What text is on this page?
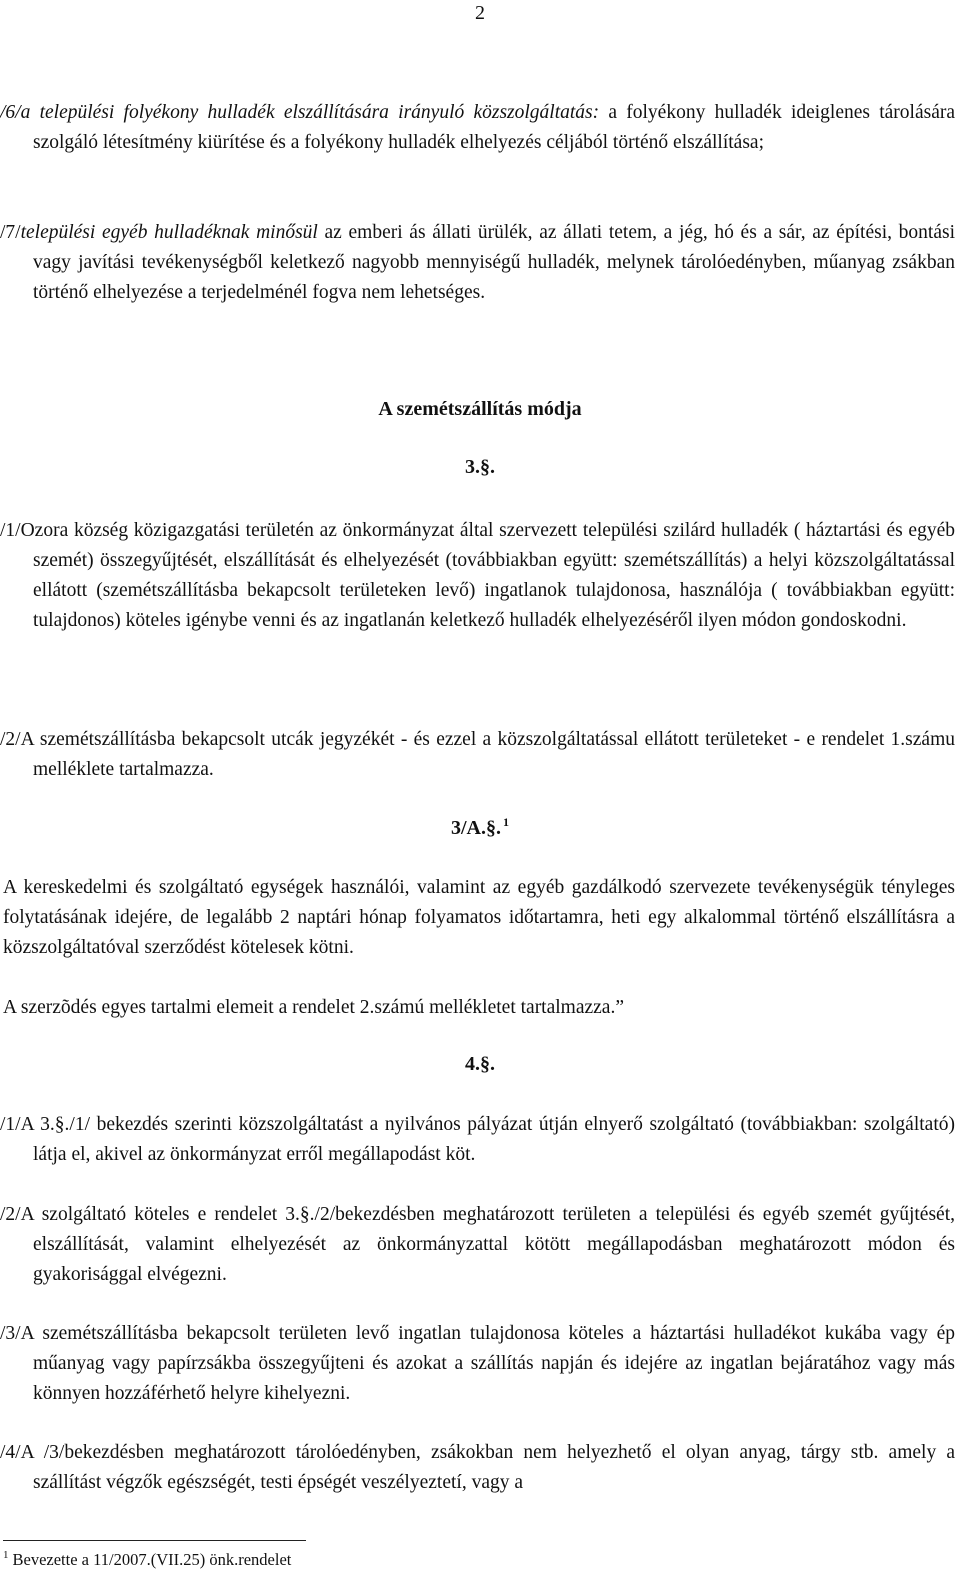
2
/6/a települési folyékony hulladék elszállítására irányuló közszolgáltatás: a folyékony hulladék ideiglenes tárolására szolgáló létesítmény kiürítése és a folyékony hulladék elhelyezés céljából történő elszállítása;
/7/települési egyéb hulladéknak minősül az emberi ás állati ürülék, az állati tetem, a jég, hó és a sár, az építési, bontási vagy javítási tevékenységből keletkező nagyobb mennyiségű hulladék, melynek tárolóedényben, műanyag zsákban történő elhelyezése a terjedelménél fogva nem lehetséges.
A szemétszállítás módja
3.§.
/1/Ozora község közigazgatási területén az önkormányzat által szervezett települési szilárd hulladék ( háztartási és egyéb szemét) összegyűjtését, elszállítását és elhelyezését (továbbiakban együtt: szemétszállítás) a helyi közszolgáltatással ellátott (szemétszállításba bekapcsolt területeken levő) ingatlanok tulajdonosa, használója ( továbbiakban együtt: tulajdonos) köteles igénybe venni és az ingatlanán keletkező hulladék elhelyezéséről ilyen módon gondoskodni.
/2/A szemétszállításba bekapcsolt utcák jegyzékét - és ezzel a közszolgáltatással ellátott területeket - e rendelet 1.számu melléklete tartalmazza.
3/A.§. $^1$
A kereskedelmi és szolgáltató egységek használói, valamint az egyéb gazdálkodó szervezete tevékenységük tényleges folytatásának idejére, de legalább 2 naptári hónap folyamatos időtartamra, heti egy alkalommal történő elszállításra a közszolgáltatóval szerződést kötelesek kötni.
A szerzõdés egyes tartalmi elemeit a rendelet 2.számú mellékletet tartalmazza.”
4.§.
/1/A 3.§./1/ bekezdés szerinti közszolgáltatást a nyilvános pályázat útján elnyerő szolgáltató (továbbiakban: szolgáltató) látja el, akivel az önkormányzat erről megállapodást köt.
/2/A szolgáltató köteles e rendelet 3.§./2/bekezdésben meghatározott területen a települési és egyéb szemét gyűjtését, elszállítását, valamint elhelyezését az önkormányzattal kötött megállapodásban meghatározott módon és gyakorisággal elvégezni.
/3/A szemétszállításba bekapcsolt területen levő ingatlan tulajdonosa köteles a háztartási hulladékot kukába vagy ép műanyag vagy papírzsákba összegyűjteni és azokat a szállítás napján és idejére az ingatlan bejáratához vagy más könnyen hozzáférhető helyre kihelyezni.
/4/A /3/bekezdésben meghatározott tárolóedényben, zsákokban nem helyezhető el olyan anyag, tárgy stb. amely a szállítást végzők egészségét, testi épségét veszélyeztetí, vagy a
$^1$ Bevezette a 11/2007.(VII.25) önk.rendelet
